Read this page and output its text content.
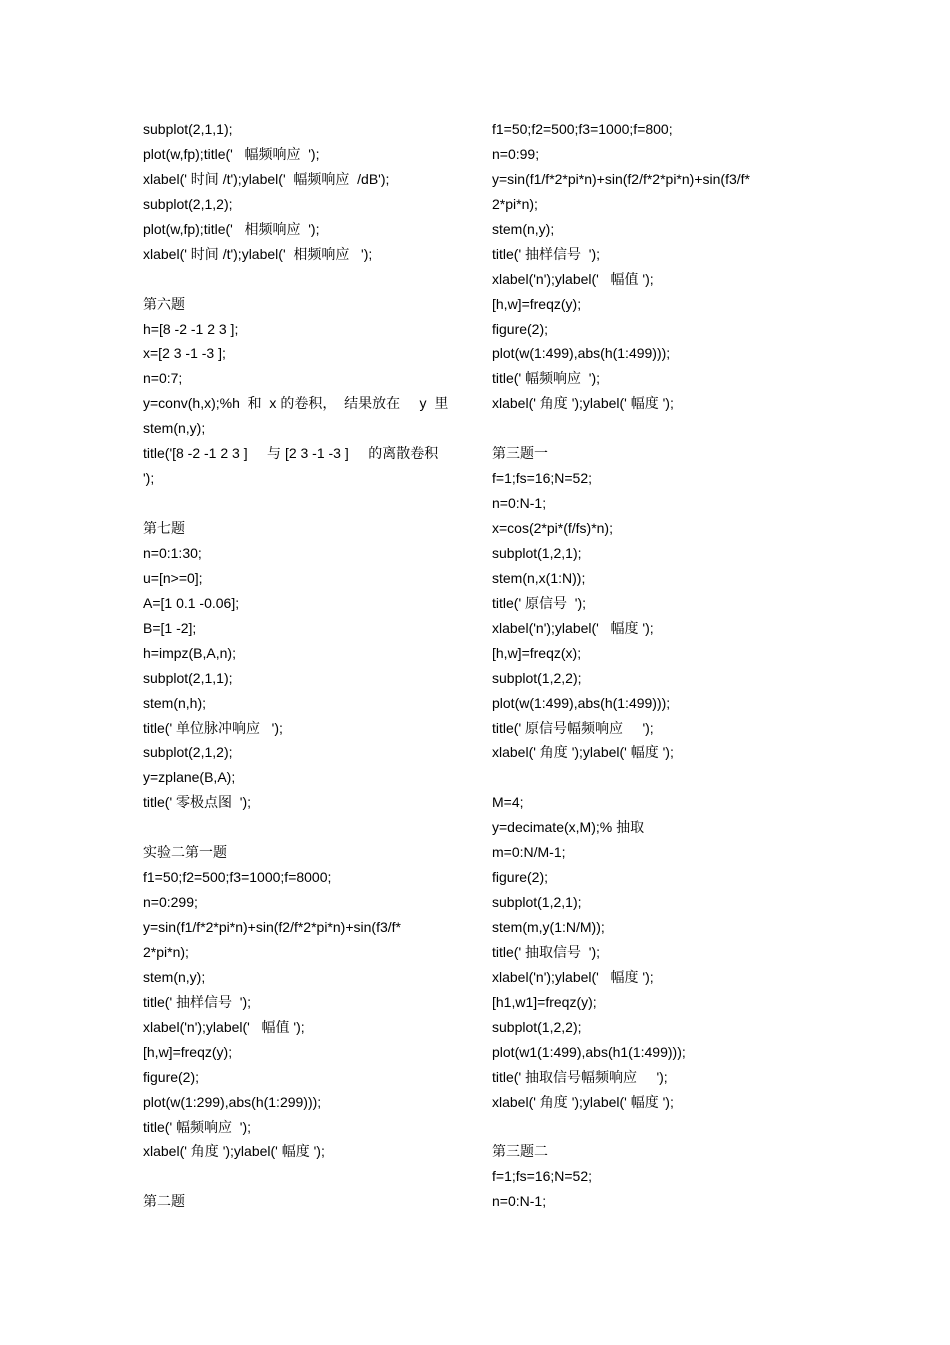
subplot(2,1,1);
plot(w,fp);title('   幅频响应  ');
xlabel(' 时间 /t');ylabel('  幅频响应  /dB');
subplot(2,1,2);
plot(w,fp);title('   相频响应  ');
xlabel(' 时间 /t');ylabel('  相频响应   ');
第六题
h=[8 -2 -1 2 3 ];
x=[2 3 -1 -3 ];
n=0:7;
y=conv(h,x);%h  和  x 的卷积，  结果放在     y  里
stem(n,y);
title('[8 -2 -1 2 3 ]     与 [2 3 -1 -3 ]     的离散卷积
');
第七题
n=0:1:30;
u=[n>=0];
A=[1 0.1 -0.06];
B=[1 -2];
h=impz(B,A,n);
subplot(2,1,1);
stem(n,h);
title(' 单位脉冲响应   ');
subplot(2,1,2);
y=zplane(B,A);
title(' 零极点图  ');
实验二第一题
f1=50;f2=500;f3=1000;f=8000;
n=0:299;
y=sin(f1/f*2*pi*n)+sin(f2/f*2*pi*n)+sin(f3/f*
2*pi*n);
stem(n,y);
title(' 抽样信号  ');
xlabel('n');ylabel('   幅值 ');
[h,w]=freqz(y);
figure(2);
plot(w(1:299),abs(h(1:299)));
title(' 幅频响应  ');
xlabel(' 角度 ');ylabel(' 幅度 ');
第二题
f1=50;f2=500;f3=1000;f=800;
n=0:99;
y=sin(f1/f*2*pi*n)+sin(f2/f*2*pi*n)+sin(f3/f*
2*pi*n);
stem(n,y);
title(' 抽样信号  ');
xlabel('n');ylabel('   幅值 ');
[h,w]=freqz(y);
figure(2);
plot(w(1:499),abs(h(1:499)));
title(' 幅频响应  ');
xlabel(' 角度 ');ylabel(' 幅度 ');
第三题一
f=1;fs=16;N=52;
n=0:N-1;
x=cos(2*pi*(f/fs)*n);
subplot(1,2,1);
stem(n,x(1:N));
title(' 原信号  ');
xlabel('n');ylabel('   幅度 ');
[h,w]=freqz(x);
subplot(1,2,2);
plot(w(1:499),abs(h(1:499)));
title(' 原信号幅频响应     ');
xlabel(' 角度 ');ylabel(' 幅度 ');
M=4;
y=decimate(x,M);% 抽取
m=0:N/M-1;
figure(2);
subplot(1,2,1);
stem(m,y(1:N/M));
title(' 抽取信号  ');
xlabel('n');ylabel('   幅度 ');
[h1,w1]=freqz(y);
subplot(1,2,2);
plot(w1(1:499),abs(h1(1:499)));
title(' 抽取信号幅频响应     ');
xlabel(' 角度 ');ylabel(' 幅度 ');
第三题二
f=1;fs=16;N=52;
n=0:N-1;
